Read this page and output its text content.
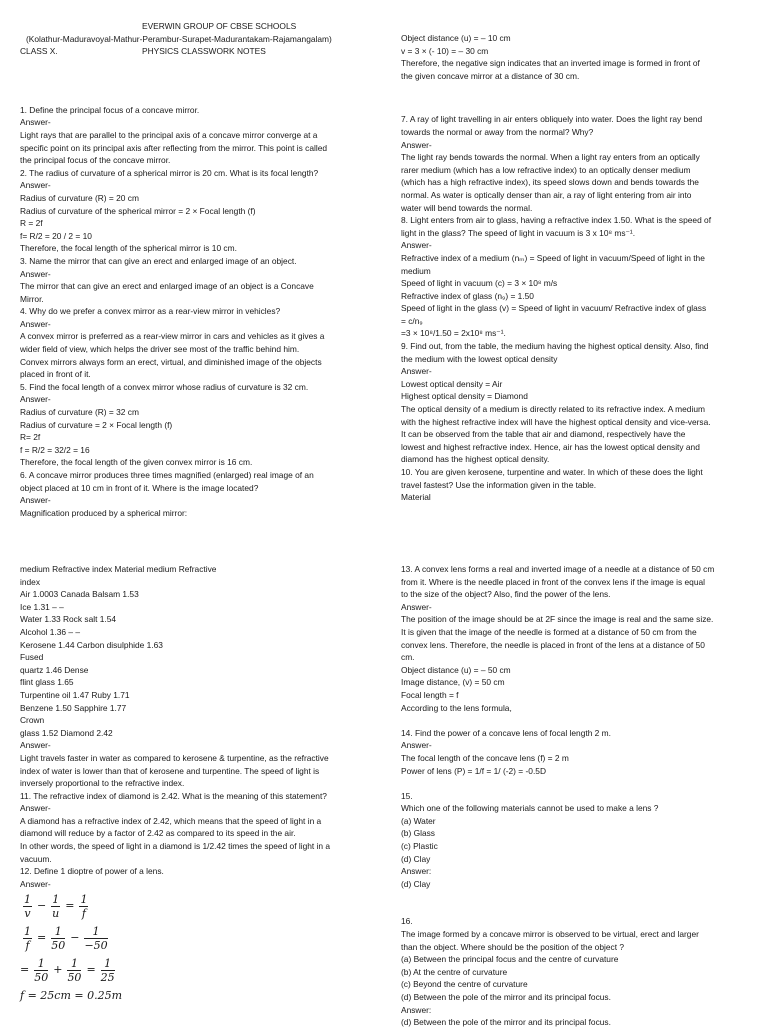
EVERWIN GROUP OF CBSE SCHOOLS
(Kolathur-Maduravoyal-Mathur-Perambur-Surapet-Madurantakam-Rajamangalam)
CLASS X.	PHYSICS CLASSWORK NOTES
1. Define the principal focus of a concave mirror.
Answer-
Light rays that are parallel to the principal axis of a concave mirror converge at a
specific point on its principal axis after reflecting from the mirror. This point is called
the principal focus of the concave mirror.
2. The radius of curvature of a spherical mirror is 20 cm. What is its focal length?
Answer-
Radius of curvature (R) = 20 cm
Radius of curvature of the spherical mirror = 2 × Focal length (f)
R = 2f
f= R/2 = 20 / 2 = 10
Therefore, the focal length of the spherical mirror is 10 cm.
3. Name the mirror that can give an erect and enlarged image of an object.
Answer-
The mirror that can give an erect and enlarged image of an object is a Concave
Mirror.
4. Why do we prefer a convex mirror as a rear-view mirror in vehicles?
Answer-
A convex mirror is preferred as a rear-view mirror in cars and vehicles as it gives a
wider field of view, which helps the driver see most of the traffic behind him.
Convex mirrors always form an erect, virtual, and diminished image of the objects
placed in front of it.
5. Find the focal length of a convex mirror whose radius of curvature is 32 cm.
Answer-
Radius of curvature (R) = 32 cm
Radius of curvature = 2 × Focal length (f)
R= 2f
f = R/2 = 32/2 = 16
Therefore, the focal length of the given convex mirror is 16 cm.
6. A concave mirror produces three times magnified (enlarged) real image of an
object placed at 10 cm in front of it. Where is the image located?
Answer-
Magnification produced by a spherical mirror:
Object distance (u) = – 10 cm
v = 3 × (- 10) = – 30 cm
Therefore, the negative sign indicates that an inverted image is formed in front of
the given concave mirror at a distance of 30 cm.
7. A ray of light travelling in air enters obliquely into water. Does the light ray bend
towards the normal or away from the normal? Why?
Answer-
The light ray bends towards the normal. When a light ray enters from an optically
rarer medium (which has a low refractive index) to an optically denser medium
(which has a high refractive index), its speed slows down and bends towards the
normal. As water is optically denser than air, a ray of light entering from air into
water will bend towards the normal.
8. Light enters from air to glass, having a refractive index 1.50. What is the speed of
light in the glass? The speed of light in vacuum is 3 x 10⁸ ms⁻¹.
Answer-
Refractive index of a medium (nₘ) = Speed of light in vacuum/Speed of light in the
medium
Speed of light in vacuum (c) = 3 × 10⁸ m/s
Refractive index of glass (n₉) = 1.50
Speed of light in the glass (v) = Speed of light in vacuum/ Refractive index of glass
= c/n₉
=3 × 10⁸/1.50 = 2x10⁸ ms⁻¹.
9. Find out, from the table, the medium having the highest optical density. Also, find
the medium with the lowest optical density
Answer-
Lowest optical density = Air
Highest optical density = Diamond
The optical density of a medium is directly related to its refractive index. A medium
with the highest refractive index will have the highest optical density and vice-versa.
It can be observed from the table that air and diamond, respectively have the
lowest and highest refractive index. Hence, air has the lowest optical density and
diamond has the highest optical density.
10. You are given kerosene, turpentine and water. In which of these does the light
travel fastest? Use the information given in the table.
Material
medium Refractive index Material medium Refractive
index
Air 1.0003 Canada Balsam 1.53
Ice 1.31 – –
Water 1.33 Rock salt 1.54
Alcohol 1.36 – –
Kerosene 1.44 Carbon disulphide 1.63
Fused
quartz 1.46 Dense
flint glass 1.65
Turpentine oil 1.47 Ruby 1.71
Benzene 1.50 Sapphire 1.77
Crown
glass 1.52 Diamond 2.42
Answer-
Light travels faster in water as compared to kerosene & turpentine, as the refractive
index of water is lower than that of kerosene and turpentine. The speed of light is
inversely proportional to the refractive index.
11. The refractive index of diamond is 2.42. What is the meaning of this statement?
Answer-
A diamond has a refractive index of 2.42, which means that the speed of light in a
diamond will reduce by a factor of 2.42 as compared to its speed in the air.
In other words, the speed of light in a diamond is 1/2.42 times the speed of light in a
vacuum.
12. Define 1 dioptre of power of a lens.
Answer-
$\frac{1}{v} - \frac{1}{u} = \frac{1}{f}$
$\frac{1}{f} = \frac{1}{50} - \frac{1}{-50}$
= $\frac{1}{50} + \frac{1}{50} = \frac{1}{25}$
f = 25cm = 0.25m
13. A convex lens forms a real and inverted image of a needle at a distance of 50 cm
from it. Where is the needle placed in front of the convex lens if the image is equal
to the size of the object? Also, find the power of the lens.
Answer-
The position of the image should be at 2F since the image is real and the same size.
It is given that the image of the needle is formed at a distance of 50 cm from the
convex lens. Therefore, the needle is placed in front of the lens at a distance of 50
cm.
Object distance (u) = – 50 cm
Image distance, (v) = 50 cm
Focal length = f
According to the lens formula,
14. Find the power of a concave lens of focal length 2 m.
Answer-
The focal length of the concave lens (f) = 2 m
Power of lens (P) = 1/f = 1/ (-2) = -0.5D
15.
Which one of the following materials cannot be used to make a lens ?
(a) Water
(b) Glass
(c) Plastic
(d) Clay
Answer:
(d) Clay
16.
The image formed by a concave mirror is observed to be virtual, erect and larger
than the object. Where should be the position of the object ?
(a) Between the principal focus and the centre of curvature
(b) At the centre of curvature
(c) Beyond the centre of curvature
(d) Between the pole of the mirror and its principal focus.
Answer:
(d) Between the pole of the mirror and its principal focus.
